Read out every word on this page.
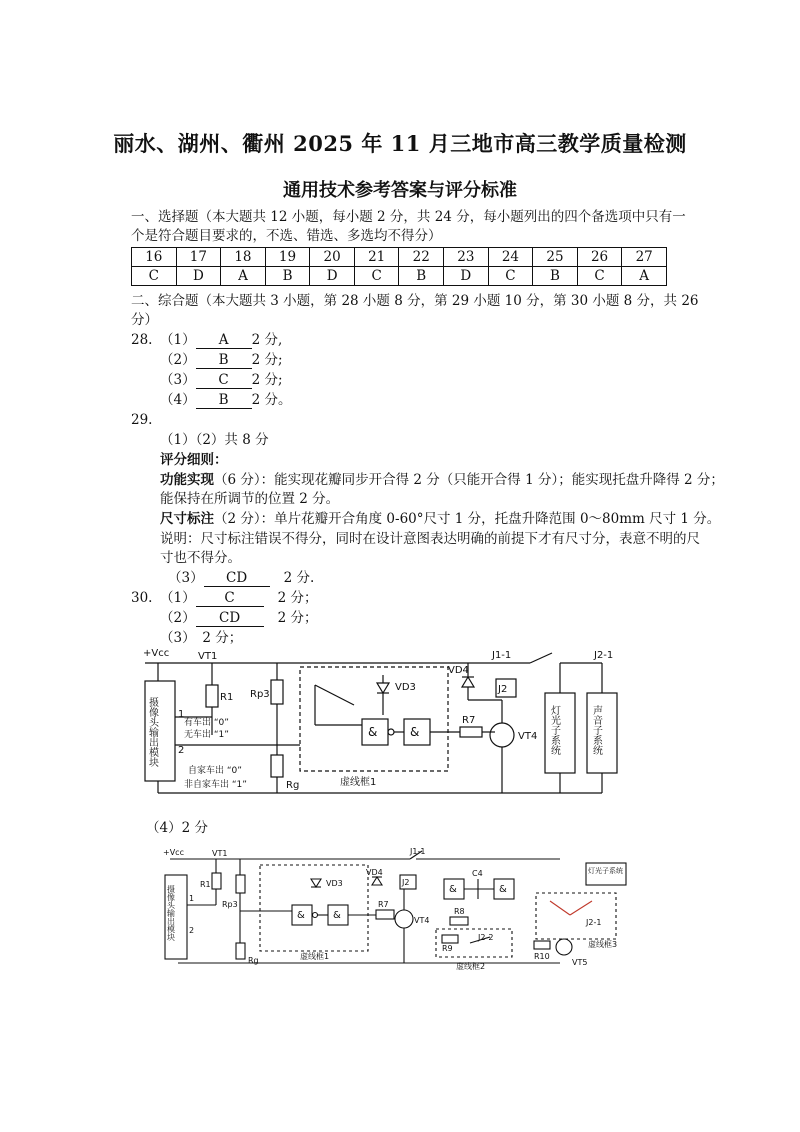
丽水、湖州、衢州 2025 年 11 月三地市高三教学质量检测
通用技术参考答案与评分标准
一、选择题（本大题共 12 小题，每小题 2 分，共 24 分，每小题列出的四个备选项中只有一
个是符合题目要求的，不选、错选、多选均不得分）
16	17	18	19	20	21	22	23	24	25	26	27
C	D	A	B	D	C	B	D	C	B	C	A
二、综合题（本大题共 3 小题，第 28 小题 8 分，第 29 小题 10 分，第 30 小题 8 分，共 26
分）
28. （1） A 2 分,
（2） B 2 分;
（3） C 2 分;
（4） B 2 分。
29.
（1）（2）共 8 分
评分细则：
功能实现（6 分）：能实现花瓣同步开合得 2 分（只能开合得 1 分）；能实现托盘升降得 2 分；
能保持在所调节的位置 2 分。
尺寸标注（2 分）：单片花瓣开合角度 0-60°尺寸 1 分，托盘升降范围 0～80mm 尺寸 1 分。
说明：尺寸标注错误不得分，同时在设计意图表达明确的前提下才有尺寸分，表意不明的尺
寸也不得分。
（3） CD	2 分.
30. （1） C	2 分；
（2） CD	2 分；
（3）　2 分；
+Vcc	VT1	J1-1	J2-1
摄像头输出模块 1
2
R1
有车出 “0”
无车出 “1”
自家车出 “0”
非自家车出 “1”
Rp3
Rg	虚线框1
VD3
&	&
R7
VT4
VD4
J2
灯光子系统	声音子系统
（4）2 分
+Vcc	VT1	J1-1
摄像头输出模块 1
2
R1
Rp3
Rg	虚线框1
VD3
&	&
R7
VT4
VD4
J2
&	&
C4
R8
虚线框2
R9
J2-2
R10
VT5
虚线框3
J2-1
灯光子系统
